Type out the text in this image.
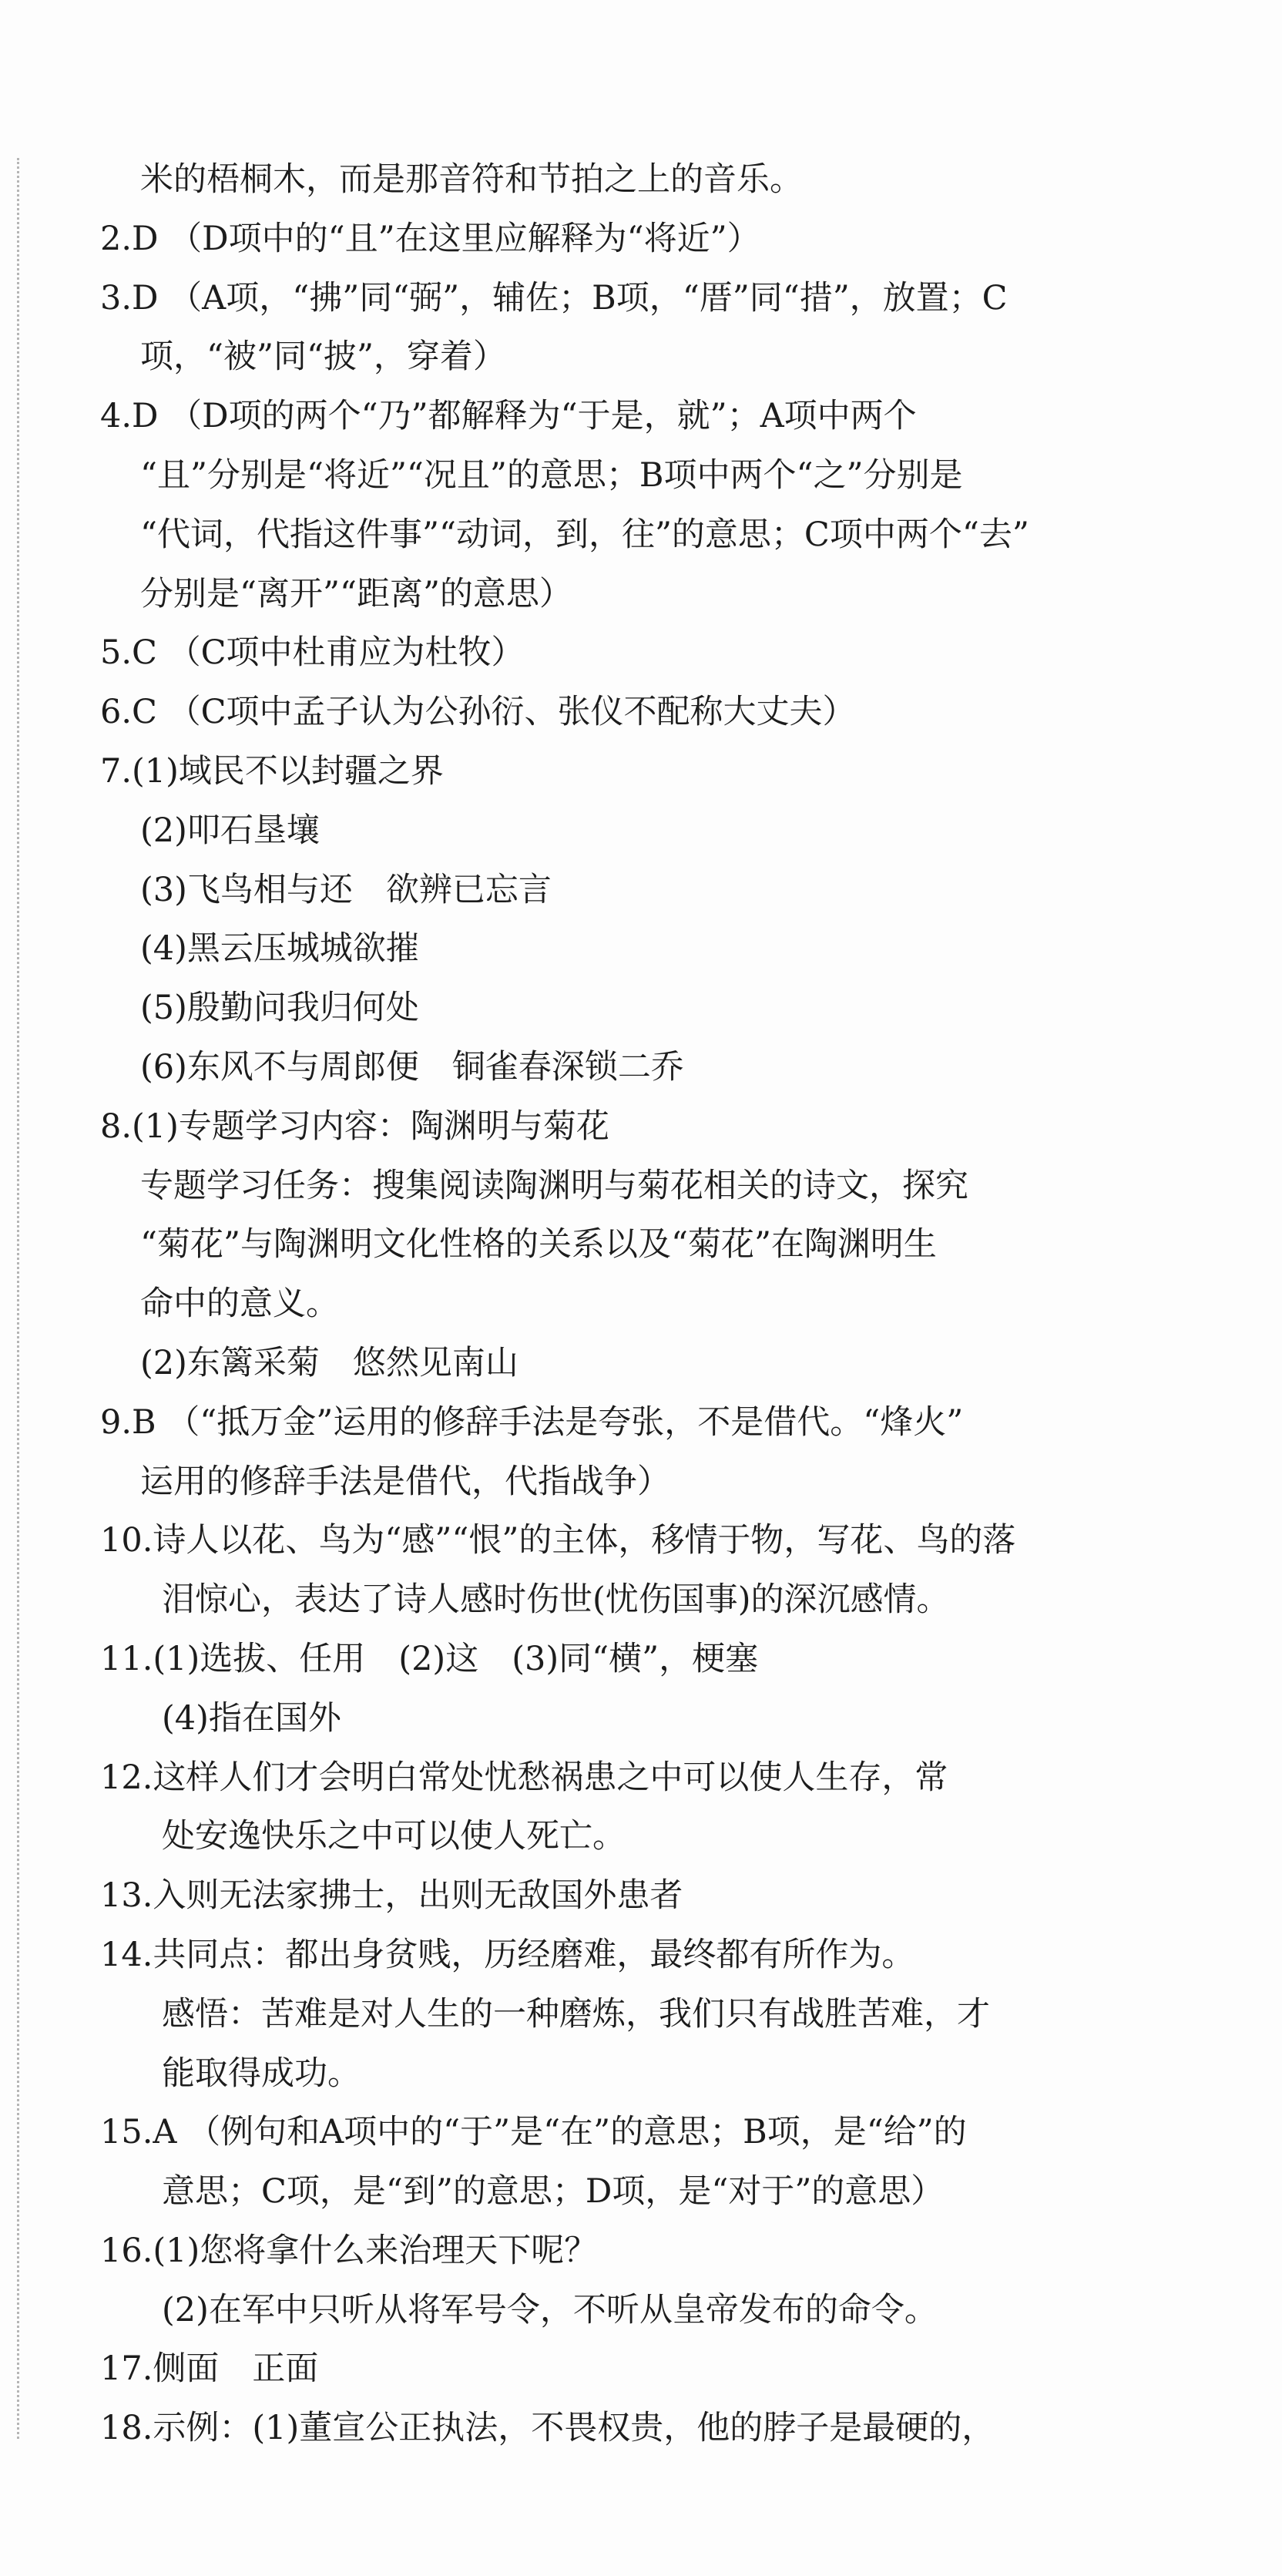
米的梧桐木，而是那音符和节拍之上的音乐。
2.D （D项中的“且”在这里应解释为“将近”）
3.D （A项，“拂”同“弼”，辅佐；B项，“厝”同“措”，放置；C
项，“被”同“披”，穿着）
4.D （D项的两个“乃”都解释为“于是，就”；A项中两个
“且”分别是“将近”“况且”的意思；B项中两个“之”分别是
“代词，代指这件事”“动词，到，往”的意思；C项中两个“去”
分别是“离开”“距离”的意思）
5.C （C项中杜甫应为杜牧）
6.C （C项中孟子认为公孙衍、张仪不配称大丈夫）
7.(1)域民不以封疆之界
(2)叩石垦壤
(3)飞鸟相与还　欲辨已忘言
(4)黑云压城城欲摧
(5)殷勤问我归何处
(6)东风不与周郎便　铜雀春深锁二乔
8.(1)专题学习内容：陶渊明与菊花
专题学习任务：搜集阅读陶渊明与菊花相关的诗文，探究
“菊花”与陶渊明文化性格的关系以及“菊花”在陶渊明生
命中的意义。
(2)东篱采菊　悠然见南山
9.B （“抵万金”运用的修辞手法是夸张，不是借代。“烽火”
运用的修辞手法是借代，代指战争）
10.诗人以花、鸟为“感”“恨”的主体，移情于物，写花、鸟的落
泪惊心，表达了诗人感时伤世(忧伤国事)的深沉感情。
11.(1)选拔、任用　(2)这　(3)同“横”，梗塞
(4)指在国外
12.这样人们才会明白常处忧愁祸患之中可以使人生存，常
处安逸快乐之中可以使人死亡。
13.入则无法家拂士，出则无敌国外患者
14.共同点：都出身贫贱，历经磨难，最终都有所作为。
感悟：苦难是对人生的一种磨炼，我们只有战胜苦难，才
能取得成功。
15.A （例句和A项中的“于”是“在”的意思；B项，是“给”的
意思；C项，是“到”的意思；D项，是“对于”的意思）
16.(1)您将拿什么来治理天下呢？
(2)在军中只听从将军号令，不听从皇帝发布的命令。
17.侧面　正面
18.示例：(1)董宣公正执法，不畏权贵，他的脖子是最硬的，
